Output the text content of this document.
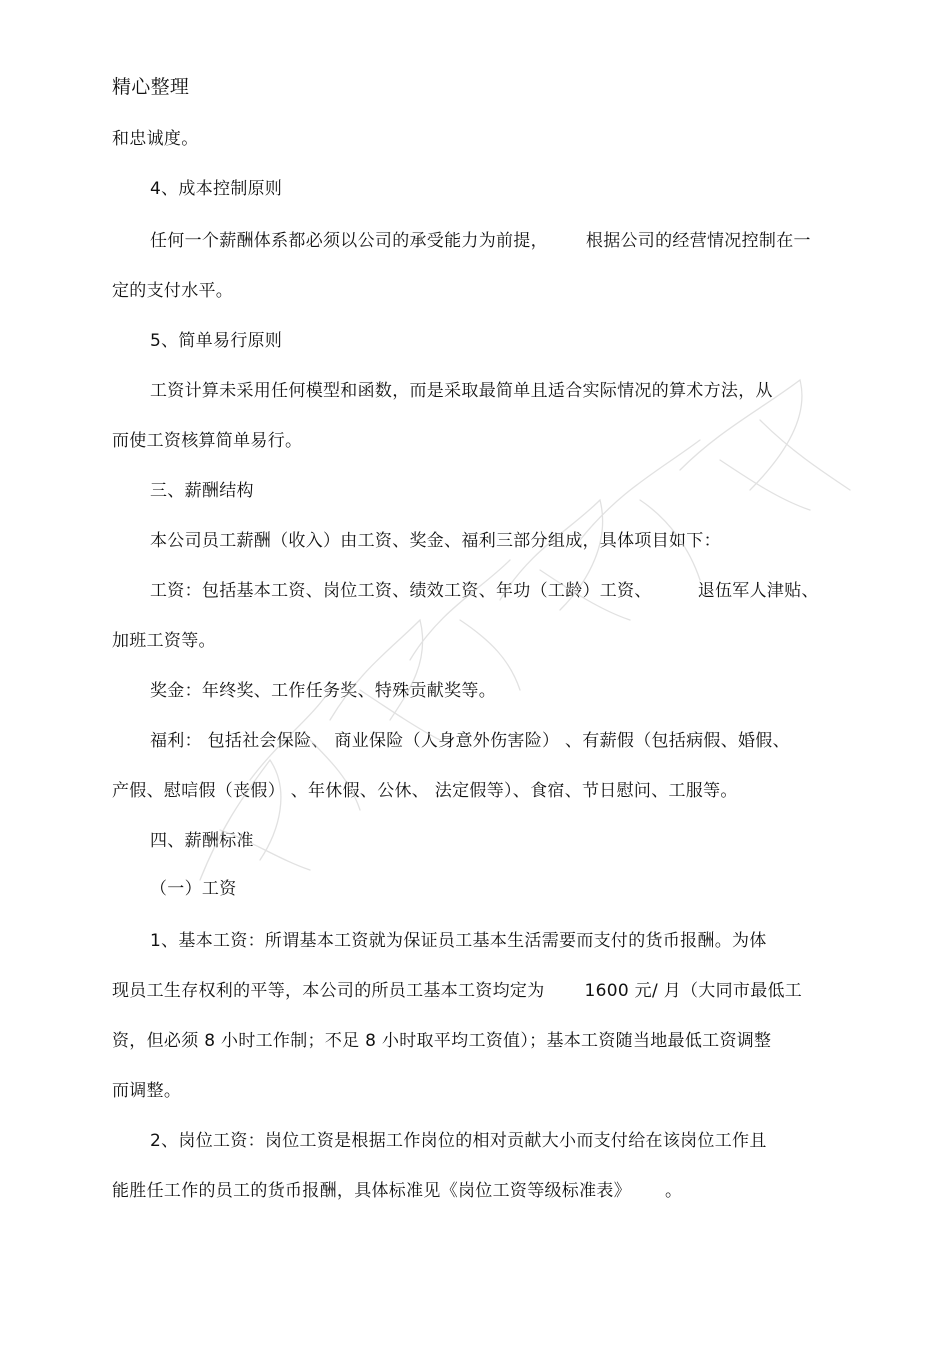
精心整理
和忠诚度。
4、成本控制原则
任何一个薪酬体系都必须以公司的承受能力为前提， 根据公司的经营情况控制在一
定的支付水平。
5、简单易行原则
工资计算未采用任何模型和函数，而是采取最简单且适合实际情况的算术方法，从
而使工资核算简单易行。
三、薪酬结构
本公司员工薪酬（收入）由工资、奖金、福利三部分组成，具体项目如下：
工资：包括基本工资、岗位工资、绩效工资、年功（工龄）工资、	退伍军人津贴、
加班工资等。
奖金：年终奖、工作任务奖、特殊贡献奖等。
福利： 包括社会保险、 商业保险（人身意外伤害险） 、有薪假（包括病假、婚假、
产假、慰唁假（丧假） 、年休假、公休、 法定假等）、食宿、节日慰问、工服等。
四、薪酬标准
（一）工资
1、基本工资：所谓基本工资就为保证员工基本生活需要而支付的货币报酬。为体
现员工生存权利的平等，本公司的所员工基本工资均定为 1600 元/ 月（大同市最低工
资，但必须 8 小时工作制；不足 8 小时取平均工资值）；基本工资随当地最低工资调整
而调整。
2、岗位工资：岗位工资是根据工作岗位的相对贡献大小而支付给在该岗位工作且
能胜任工作的员工的货币报酬，具体标准见《岗位工资等级标准表》 。
